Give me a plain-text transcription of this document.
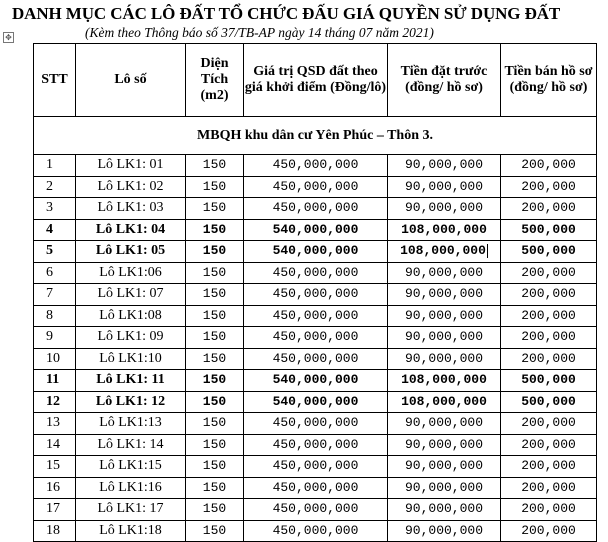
DANH MỤC CÁC LÔ ĐẤT TỔ CHỨC ĐẤU GIÁ QUYỀN SỬ DỤNG ĐẤT
✥	(Kèm theo Thông báo số 37/TB-AP ngày 14 tháng 07 năm 2021)
STT	Lô số	Diện Tích (m2)	Giá trị QSD đất theo giá khởi điểm (Đồng/lô)	Tiền đặt trước (đồng/ hồ sơ)	Tiền bán hồ sơ (đồng/ hồ sơ)
MBQH khu dân cư Yên Phúc – Thôn 3.					
1	Lô LK1: 01	150	450,000,000	90,000,000	200,000
2	Lô LK1: 02	150	450,000,000	90,000,000	200,000
3	Lô LK1: 03	150	450,000,000	90,000,000	200,000
4	Lô LK1: 04	150	540,000,000	108,000,000	500,000
5	Lô LK1: 05	150	540,000,000	108,000,000	500,000
6	Lô LK1:06	150	450,000,000	90,000,000	200,000
7	Lô LK1: 07	150	450,000,000	90,000,000	200,000
8	Lô LK1:08	150	450,000,000	90,000,000	200,000
9	Lô LK1: 09	150	450,000,000	90,000,000	200,000
10	Lô LK1:10	150	450,000,000	90,000,000	200,000
11	Lô LK1: 11	150	540,000,000	108,000,000	500,000
12	Lô LK1: 12	150	540,000,000	108,000,000	500,000
13	Lô LK1:13	150	450,000,000	90,000,000	200,000
14	Lô LK1: 14	150	450,000,000	90,000,000	200,000
15	Lô LK1:15	150	450,000,000	90,000,000	200,000
16	Lô LK1:16	150	450,000,000	90,000,000	200,000
17	Lô LK1: 17	150	450,000,000	90,000,000	200,000
18	Lô LK1:18	150	450,000,000	90,000,000	200,000
